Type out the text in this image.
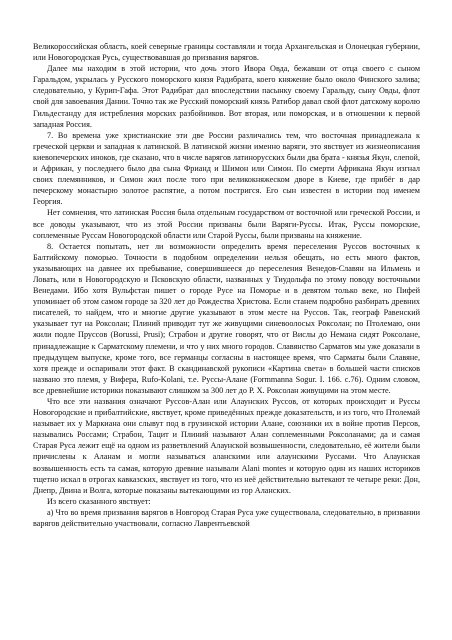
Великороссийская область, коей северные границы составляли и тогда Архангельская и Олонецкая губернии, или Новогородская Русь, существовавшая до призвания варягов.

Далее мы находим в этой истории, что дочь этого Ивора Овда, бежавши от отца своего с сыном Гаральдом, укрылась у Русского поморского князя Радибрата, коего княжение было около Финского залива; следовательно, у Курип-Гафа. Этот Радибрат дал впоследствии пасынку своему Гаральду, сыну Овды, флот свой для завоевания Дании. Точно так же Русский поморский князь Ратибор давал свой флот датскому королю Гильдестанду для истребления морских разбойников. Вот вторая, или поморская, и в отношении к первой западная Россия.

7. Во времена уже христианские эти две России различались тем, что восточная принадлежала к греческой церкви и западная к латинской. В латинской жизни именно варяги, это явствует из жизнеописания киевопечерских иноков, где сказано, что в числе варягов латинорусских были два брата - князья Якун, слепой, и Африкан, у последнего было два сына Фрианд и Шимон или Симон. По смерти Африкана Якун изгнал своих племянников, и Симон жил после того при великокняжеском дворе в Киеве, где прибёг в дар печерскому монастырю золотое распятие, а потом постригся. Его сын известен в истории под именем Георгия.

Нет сомнения, что латинская Россия была отдельным государством от восточной или греческой России, и все доводы указывают, что из этой России призваны были Варяги-Руссы. Итак, Руссы поморские, соплеменные Руссам Новогородской области или Старой Руссы, были призваны на княжение.

8. Остается попытать, нет ли возможности определить время переселения Руссов восточных к Балтийскому поморью. Точности в подобном определении нельзя обещать, но есть много фактов, указывающих на давнее их пребывание, совершившееся до переселения Венедов-Славян на Ильмень и Ловать, или в Новогородскую и Псковскую области, названных у Тиудольфа по этому поводу восточными Венедами. Ибо хотя Вульфстан пишет о городе Русе на Поморье и в девятом только веке, но Пифей упоминает об этом самом городе за 320 лет до Рождества Христова. Если станем подробно разбирать древних писателей, то найдем, что и многие другие указывают в этом месте на Руссов. Так, географ Равенский указывает тут на Роксолан; Плиний приводит тут же живущими синевоолосых Роксолан; по Птолемаю, они жили подле Пруссов (Borussi, Prusi); Страбон и другие говорят, что от Вислы до Немана сидят Роксолане, принадлежащие к Сарматскому племени, и что у них много городов. Славянство Сарматов мы уже доказали в предыдущем выпуске, кроме того, все германцы согласны в настоящее время, что Сарматы были Славяне, хотя прежде и оспаривали этот факт. В скандинавской рукописи «Картина света» в большей части списков названо это племя, у Вифера, Rufo-Kolani, т.е. Руссы-Алане (Formmanna Sogur. I. 166. c.76). Одним словом, все древнейшие историки показывают слишком за 300 лет до Р. Х. Роксолан живущими на этом месте.

Что все эти названия означают Руссов-Алан или Алаунских Руссов, от которых происходит и Руссы Новогородские и прибалтийские, явствует, кроме приведённых прежде доказательств, и из того, что Птолемай называет их у Маркиана они слывут под в грузинской истории Алане, союзники их в войне против Персов, назывались Россами; Страбон, Тацит и Плиний называют Алан соплеменными Роксоланами; да и самая Старая Руса лежит ещё на одном из разветвлений Алаунской возвышенности, следовательно, её жители были причислены к Аланам и могли называться аланскими или алаунскими Руссами. Что Алаунская возвышенность есть та самая, которую древние называли Alani montes и которую один из наших историков тщетно искал в отрогах кавказских, явствует из того, что из неё действительно вытекают те четыре реки: Дон, Днепр, Двина и Волга, которые показаны вытекающими из гор Аланских.

Из всего сказанного явствует:

а) Что во время призвания варягов в Новгород Старая Руса уже существовала, следовательно, в призвании варягов действительно участвовали, согласно Лаврентьевской
